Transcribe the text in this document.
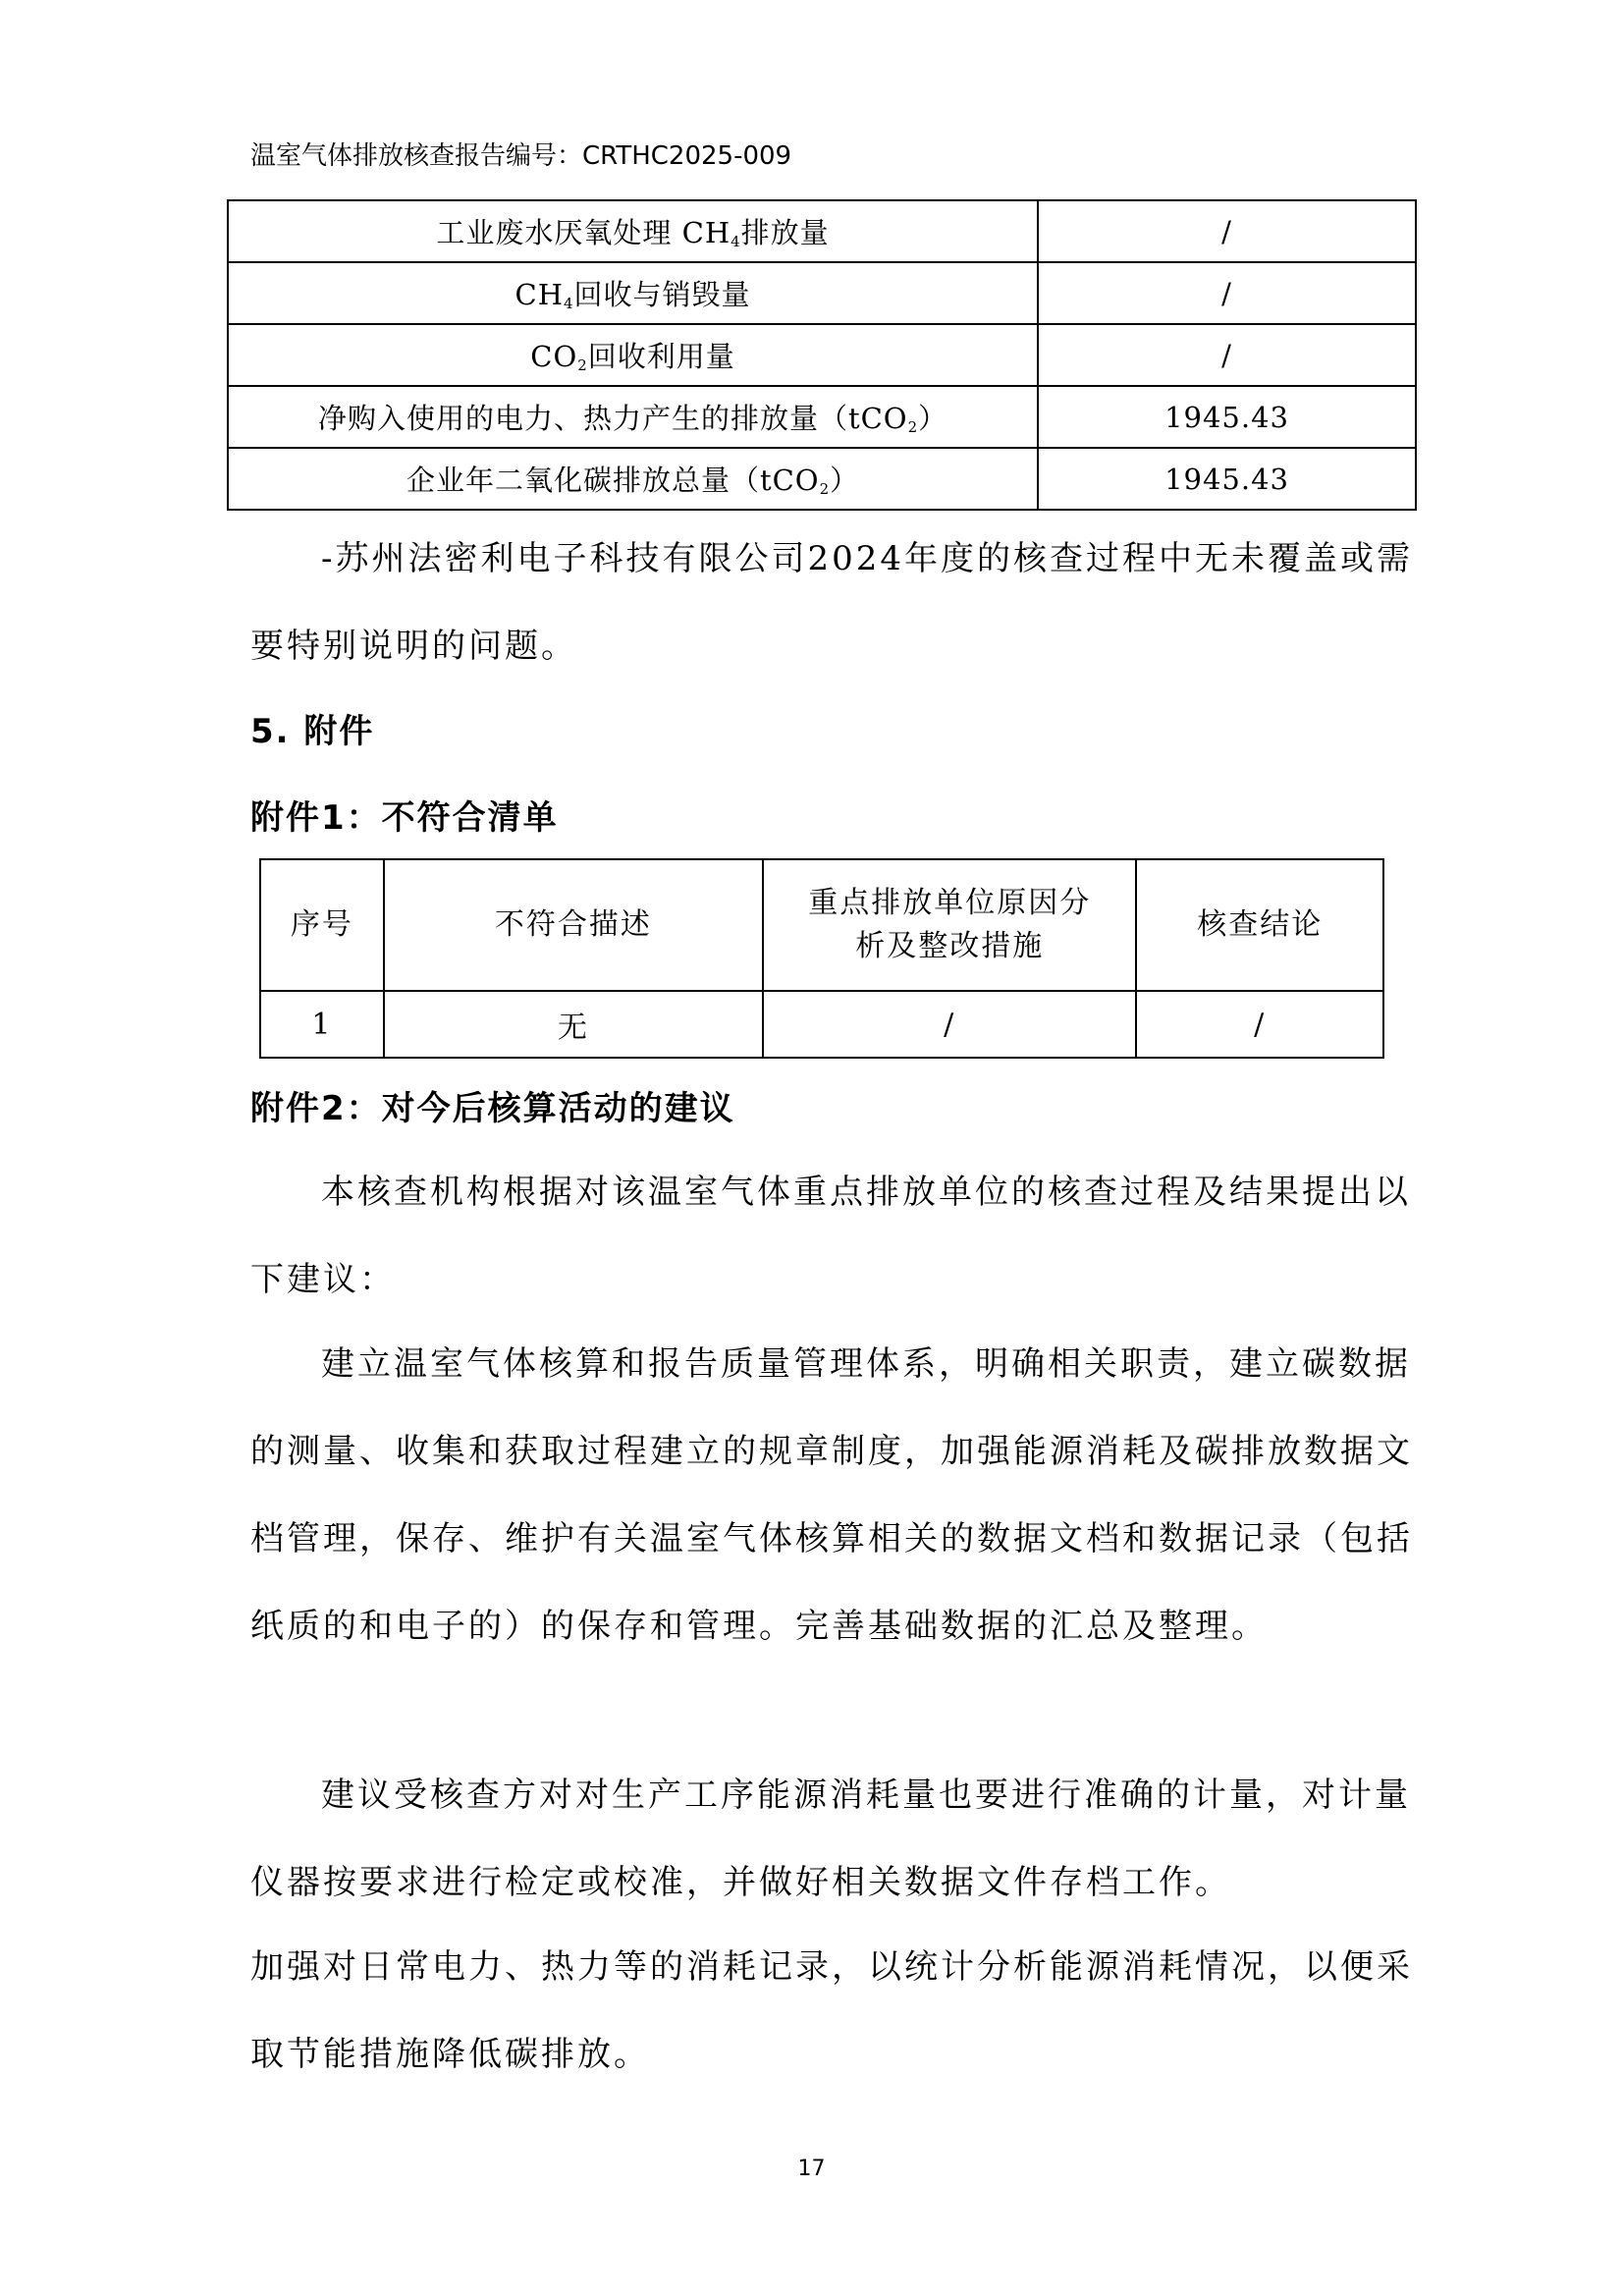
温室气体排放核查报告编号：CRTHC2025-009
工业废水厌氧处理 $CH_4$排放量	/
$CH_4$回收与销毁量	/
$CO_2$回收利用量	/
净购入使用的电力、热力产生的排放量（tCO$_2$）	1945.43
企业年二氧化碳排放总量（tCO$_2$）	1945.43

-苏州法密利电子科技有限公司2024年度的核查过程中无未覆盖或需要特别说明的问题。

5. 附件
附件1：不符合清单
序号	不符合描述	重点排放单位原因分析及整改措施	核查结论
1	无	/	/
附件2：对今后核算活动的建议

本核查机构根据对该温室气体重点排放单位的核查过程及结果提出以下建议：

建立温室气体核算和报告质量管理体系，明确相关职责，建立碳数据的测量、收集和获取过程建立的规章制度，加强能源消耗及碳排放数据文档管理，保存、维护有关温室气体核算相关的数据文档和数据记录（包括纸质的和电子的）的保存和管理。完善基础数据的汇总及整理。

建议受核查方对对生产工序能源消耗量也要进行准确的计量，对计量仪器按要求进行检定或校准，并做好相关数据文件存档工作。

加强对日常电力、热力等的消耗记录，以统计分析能源消耗情况，以便采取节能措施降低碳排放。

17
